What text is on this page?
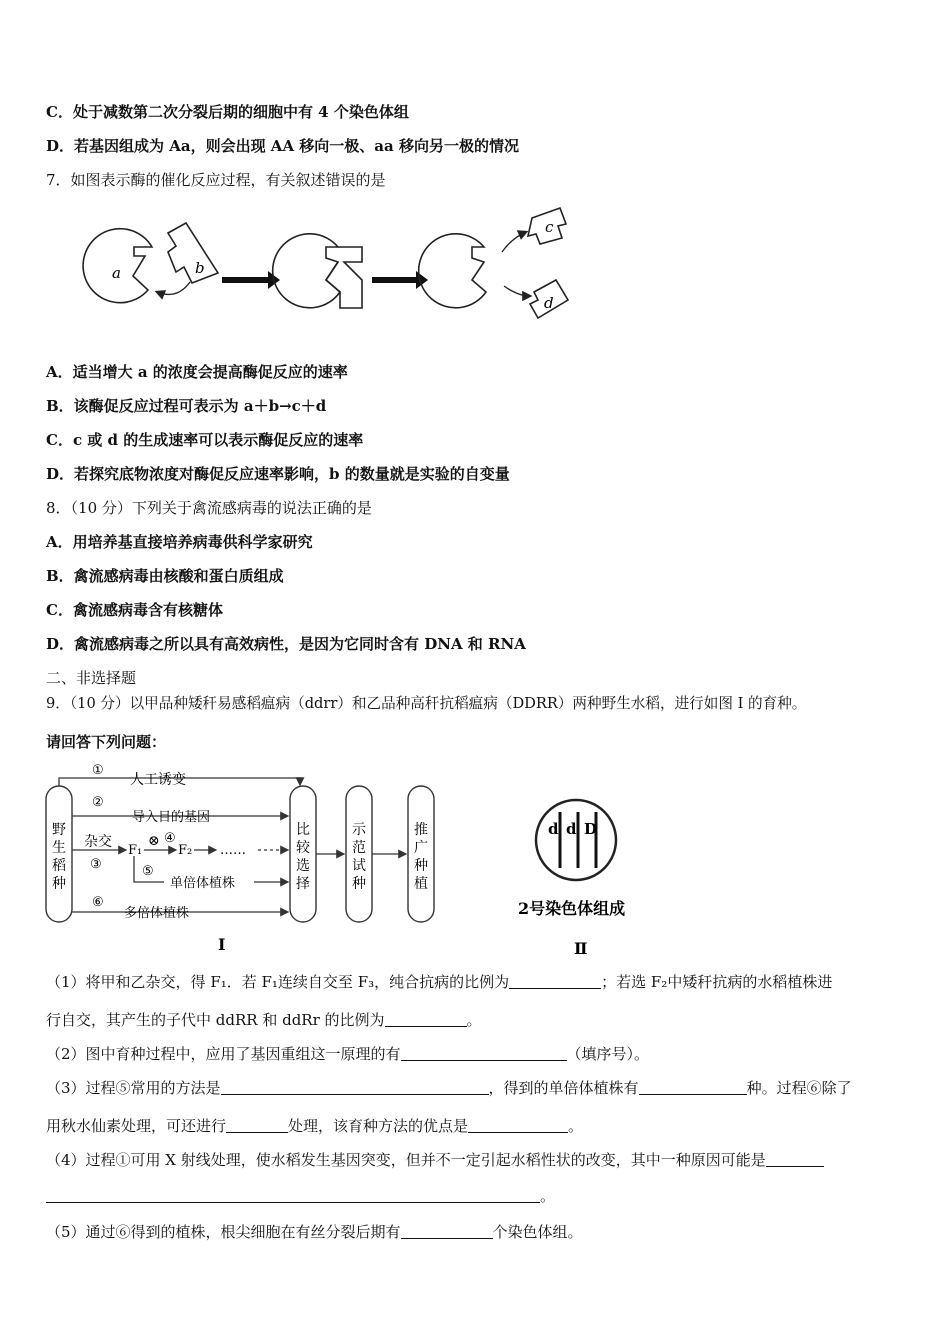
C．处于减数第二次分裂后期的细胞中有 4 个染色体组
D．若基因组成为 Aa，则会出现 AA 移向一极、aa 移向另一极的情况
7．如图表示酶的催化反应过程，有关叙述错误的是
a	b
c
d
A．适当增大 a 的浓度会提高酶促反应的速率
B．该酶促反应过程可表示为 a＋b→c＋d
C．c 或 d 的生成速率可以表示酶促反应的速率
D．若探究底物浓度对酶促反应速率影响，b 的数量就是实验的自变量
8．（10 分）下列关于禽流感病毒的说法正确的是
A．用培养基直接培养病毒供科学家研究
B．禽流感病毒由核酸和蛋白质组成
C．禽流感病毒含有核糖体
D．禽流感病毒之所以具有高效病性，是因为它同时含有 DNA 和 RNA
二、非选择题
9．（10 分）以甲品种矮秆易感稻瘟病（ddrr）和乙品种高秆抗稻瘟病（DDRR）两种野生水稻，进行如图 I 的育种。
请回答下列问题：
野生稻种
比较选择
示范试种
推广种植
①
人工诱变
②
导入目的基因
杂交
③
F₁
⊗ ④
F₂ ……
⑤
单倍体植株
⑥
多倍体植株
Ⅰ
d d D
2号染色体组成
Ⅱ
（1）将甲和乙杂交，得 F₁．若 F₁连续自交至 F₃，纯合抗病的比例为	；若选 F₂中矮秆抗病的水稻植株进
行自交，其产生的子代中 ddRR 和 ddRr 的比例为	。
（2）图中育种过程中，应用了基因重组这一原理的有	（填序号）。
（3）过程⑤常用的方法是	，得到的单倍体植株有	种。过程⑥除了
用秋水仙素处理，可还进行	处理，该育种方法的优点是	。
（4）过程①可用 X 射线处理，使水稻发生基因突变，但并不一定引起水稻性状的改变，其中一种原因可能是
。
（5）通过⑥得到的植株，根尖细胞在有丝分裂后期有	个染色体组。
